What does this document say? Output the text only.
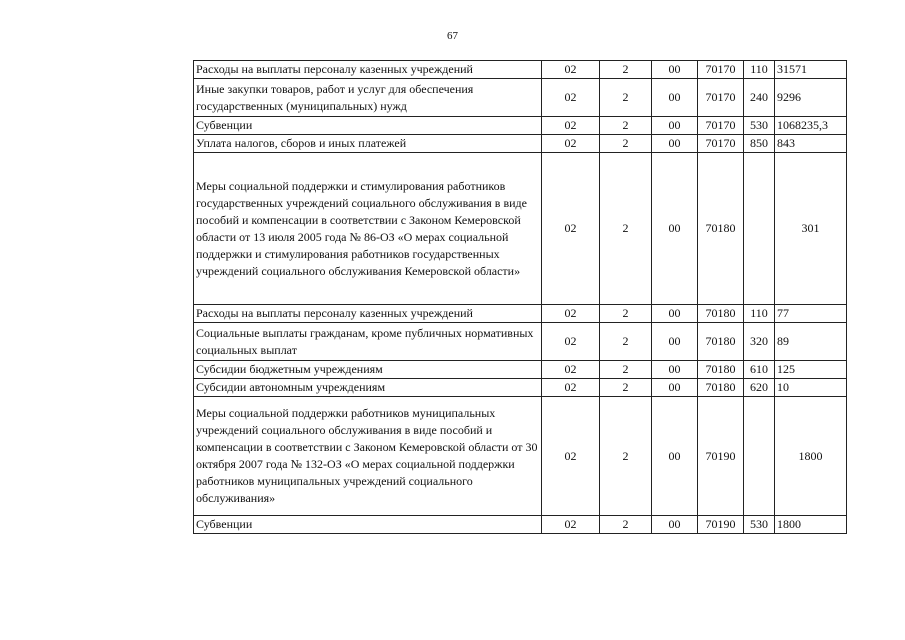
67
Расходы на выплаты персоналу казенных учреждений	02	2	00	70170	110	31571
Иные закупки товаров, работ и услуг для обеспечения государственных (муниципальных) нужд	02	2	00	70170	240	9296
Субвенции	02	2	00	70170	530	1068235,3
Уплата налогов, сборов и иных платежей	02	2	00	70170	850	843
Меры социальной поддержки и стимулирования работников государственных учреждений социального обслуживания в виде пособий и компенсации в соответствии с Законом Кемеровской области от 13 июля 2005 года № 86-ОЗ «О мерах социальной поддержки и стимулирования работников государственных учреждений социального обслуживания Кемеровской области»	02	2	00	70180		301
Расходы на выплаты персоналу казенных учреждений	02	2	00	70180	110	77
Социальные выплаты гражданам, кроме публичных нормативных социальных выплат	02	2	00	70180	320	89
Субсидии бюджетным учреждениям	02	2	00	70180	610	125
Субсидии автономным учреждениям	02	2	00	70180	620	10
Меры социальной поддержки работников муниципальных учреждений социального обслуживания в виде пособий и компенсации в соответствии с Законом Кемеровской области от 30 октября 2007 года № 132-ОЗ «О мерах социальной поддержки работников муниципальных учреждений социального обслуживания»	02	2	00	70190		1800
Субвенции	02	2	00	70190	530	1800
